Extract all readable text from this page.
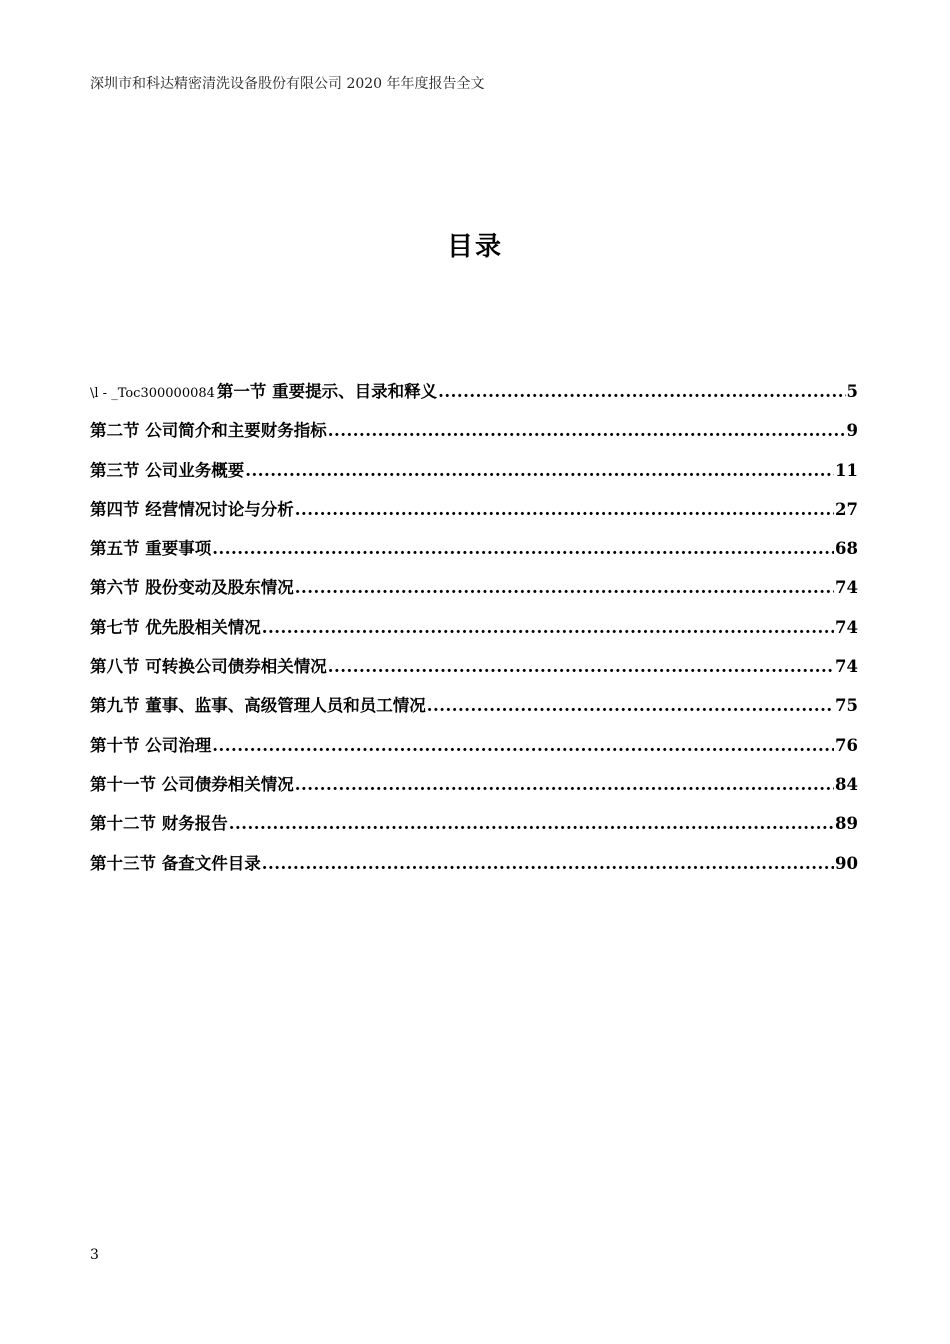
深圳市和科达精密清洗设备股份有限公司 2020 年年度报告全文
目录
\l - _Toc300000084 第一节 重要提示、目录和释义 .....	5
第二节 公司简介和主要财务指标 .....	9
第三节 公司业务概要 .....	11
第四节 经营情况讨论与分析 .....	27
第五节 重要事项 .....	68
第六节 股份变动及股东情况 .....	74
第七节 优先股相关情况 .....	74
第八节 可转换公司债券相关情况 .....	74
第九节 董事、监事、高级管理人员和员工情况 .....	75
第十节 公司治理 .....	76
第十一节 公司债券相关情况 .....	84
第十二节 财务报告 .....	89
第十三节 备查文件目录 .....	90
3
